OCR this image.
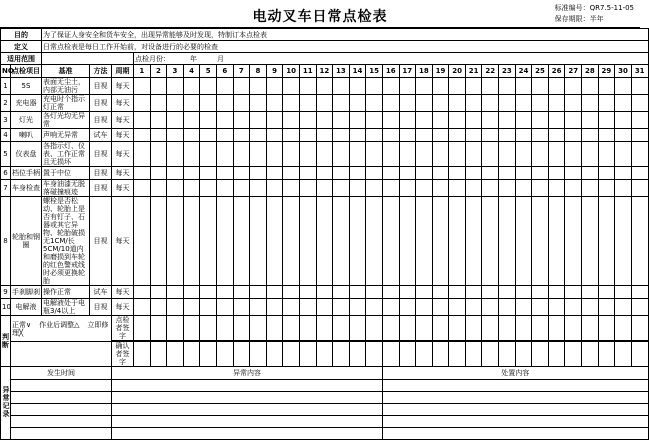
电动叉车日常点检表
标准编号：QR7.5-11-05
保存期限：半年
目的		为了保证人身安全和货车安全，出现异常能够及时发现，特制订本点检表																																	
定义		日常点检表是每日工作开始前，对设备进行的必要的检查																																	
适用范围					点检月份： 年 月																														
NO	点检项目	基准	方法	周期	1	2	3	4	5	6	7	8	9	10	11	12	13	14	15	16	17	18	19	20	21	22	23	24	25	26	27	28	29	30	31
1	5S	表面无尘土，内部无油污	目视	每天																															
2	充电器	充电时个指示灯正常	目视	每天																															
3	灯光	各灯光均无异常	目视	每天																															
4	喇叭	声响无异常	试车	每天																															
5	仪表盘	各指示灯、仪表、工作正常且无损坏	目视	每天																															
6	档位手柄	置于中位	目视	每天																															
7	车身检查	车身油漆无脱落碰撞痕迹	目视	每天																															
8	轮胎和钢圈	螺栓是否松动、轮胎上是否有钉子、石器或其它异物、轮胎破损无1CM/长5CM/10道内和磨损到车轮的红色警戒线时必须更换轮胎	目视	每天																															
9	手刹脚刹	操作正常	试车	每天																															
10	电解液	电解液处于电瓶3/4以上	目视	每天																															
判断	正常∨ 作业后调整△ 立即修理╳			点检者签字																															

				确认者签字																															
异常记录	发生时间			异常内容																处置内容															
